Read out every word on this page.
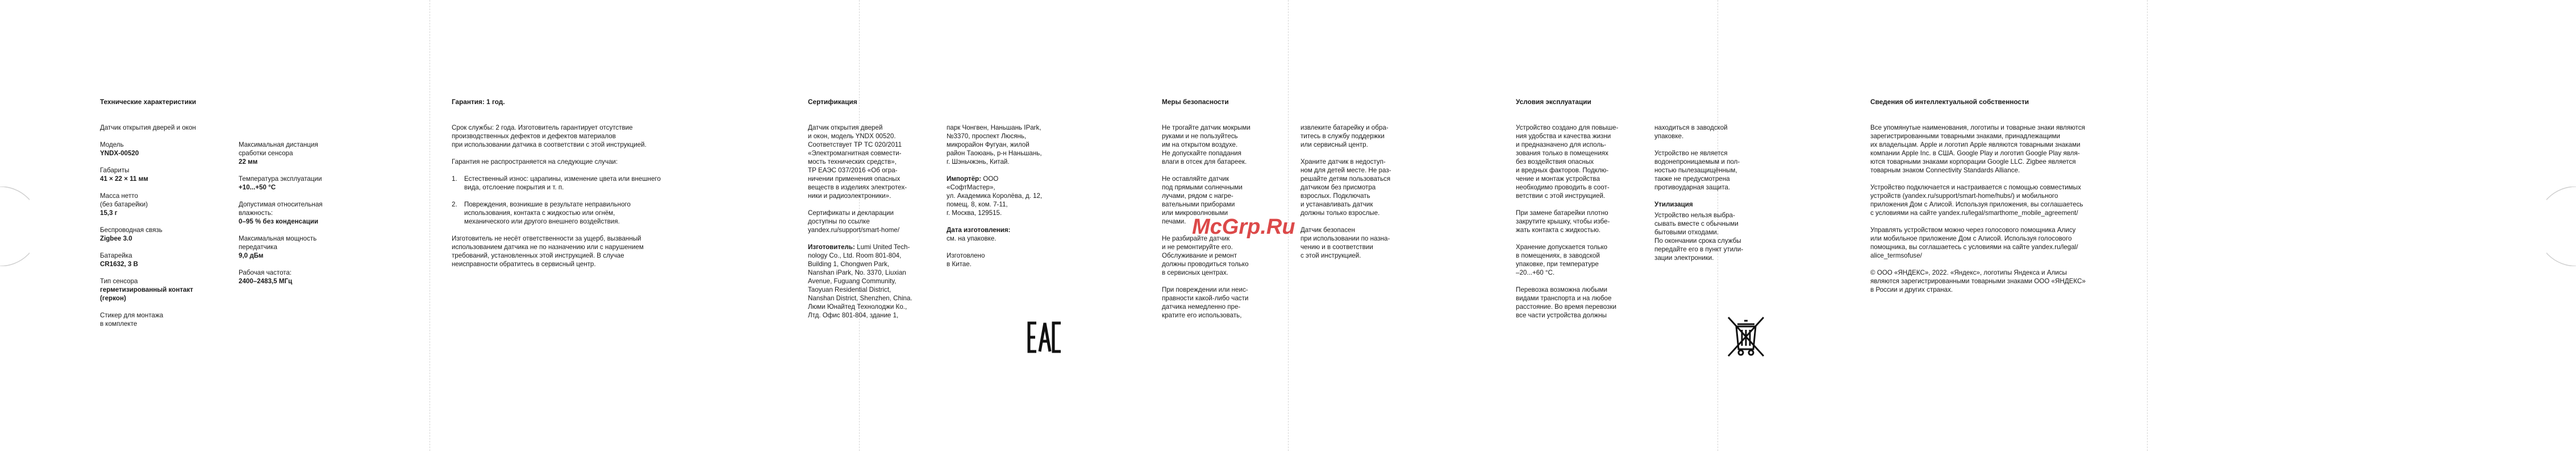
Технические характеристики

Датчик открытия дверей и окон

Модель
YNDX-00520
Габариты
41 × 22 × 11 мм
Масса нетто
(без батарейки)
15,3 г
Беспроводная связь
Zigbee 3.0
Батарейка
CR1632, 3 В
Тип сенсора
герметизированный контакт
(геркон)

Стикер для монтажа
в комплекте

Максимальная дистанция
сработки сенсора
22 мм
Температура эксплуатации
+10...+50 °С
Допустимая относительная
влажность:
0–95 % без конденсации
Максимальная мощность
передатчика
9,0 дБм
Рабочая частота:
2400–2483,5 МГц
Гарантия: 1 год.

Срок службы: 2 года. Изготовитель гарантирует отсутствие
производственных дефектов и дефектов материалов
при использовании датчика в соответствии с этой инструкцией.

Гарантия не распространяется на следующие случаи:

1.	Естественный износ: царапины, изменение цвета или внешнего
вида, отслоение покрытия и т. п.
2.	Повреждения, возникшие в результате неправильного
использования, контакта с жидкостью или огнём,
механического или другого внешнего воздействия.

Изготовитель не несёт ответственности за ущерб, вызванный
использованием датчика не по назначению или с нарушением
требований, установленных этой инструкцией. В случае
неисправности обратитесь в сервисный центр.

Сертификация

Датчик открытия дверей
и окон, модель YNDX 00520.
Соответствует ТР ТС 020/2011
«Электромагнитная совмести-
мость технических средств»,
ТР ЕАЭС 037/2016 «Об огра-
ничении применения опасных
веществ в изделиях электротех-
ники и радиоэлектроники».

Сертификаты и декларации
доступны по ссылке
yandex.ru/support/smart-home/

Изготовитель: Lumi United Tech-
nology Co., Ltd. Room 801-804,
Building 1, Chongwen Park,
Nanshan iPark, No. 3370, Liuxian
Avenue, Fuguang Community,
Taoyuan Residential District,
Nanshan District, Shenzhen, China.
Люми Юнайтед Технолоджи Ко.,
Лтд. Офис 801-804, здание 1,

парк Чонгвен, Наньшань IPark,
№3370, проспект Люсянь,
микрорайон Фугуан, жилой
район Таоюань, р-н Наньшань,
г. Шэньчжэнь, Китай.

Импортёр: ООО «СофтМастер»,
ул. Академика Королёва, д. 12,
помещ. 8, ком. 7-11,
г. Москва, 129515.

Дата изготовления:
см. на упаковке.

Изготовлено
в Китае.

Меры безопасности

Не трогайте датчик мокрыми
руками и не пользуйтесь
им на открытом воздухе.
Не допускайте попадания
влаги в отсек для батареек.

Не оставляйте датчик
под прямыми солнечными
лучами, рядом с нагре-
вательными приборами
или микроволновыми
печами.

Не разбирайте датчик
и не ремонтируйте его.
Обслуживание и ремонт
должны проводиться только
в сервисных центрах.

При повреждении или неис-
правности какой-либо части
датчика немедленно пре-
кратите его использовать,

извлеките батарейку и обра-
титесь в службу поддержки
или сервисный центр.

Храните датчик в недоступ-
ном для детей месте. Не раз-
решайте детям пользоваться
датчиком без присмотра
взрослых. Подключать
и устанавливать датчик
должны только взрослые.

Датчик безопасен
при использовании по назна-
чению и в соответствии
с этой инструкцией.

McGrp.Ru
Условия эксплуатации

Устройство создано для повыше-
ния удобства и качества жизни
и предназначено для исполь-
зования только в помещениях
без воздействия опасных
и вредных факторов. Подклю-
чение и монтаж устройства
необходимо проводить в соот-
ветствии с этой инструкцией.

При замене батарейки плотно
закрутите крышку, чтобы избе-
жать контакта с жидкостью.

Хранение допускается только
в помещениях, в заводской
упаковке, при температуре
–20...+60 °С.

Перевозка возможна любыми
видами транспорта и на любое
расстояние. Во время перевозки
все части устройства должны

находиться в заводской
упаковке.

Устройство не является
водонепроницаемым и пол-
ностью пылезащищённым,
также не предусмотрена
противоударная защита.

Утилизация

Устройство нельзя выбра-
сывать вместе с обычными
бытовыми отходами.
По окончании срока службы
передайте его в пункт утили-
зации электроники.

Сведения об интеллектуальной собственности

Все упомянутые наименования, логотипы и товарные знаки являются
зарегистрированными товарными знаками, принадлежащими
их владельцам. Apple и логотип Apple являются товарными знаками
компании Apple Inc. в США. Google Play и логотип Google Play явля-
ются товарными знаками корпорации Google LLC. Zigbee является
товарным знаком Connectivity Standards Alliance.

Устройство подключается и настраивается с помощью совместимых
устройств (yandex.ru/support/smart-home/hubs/) и мобильного
приложения Дом с Алисой. Используя приложения, вы соглашаетесь
с условиями на сайте yandex.ru/legal/smarthome_mobile_agreement/

Управлять устройством можно через голосового помощника Алису
или мобильное приложение Дом с Алисой. Используя голосового
помощника, вы соглашаетесь с условиями на сайте yandex.ru/legal/
alice_termsofuse/

© ООО «ЯНДЕКС», 2022. «Яндекс», логотипы Яндекса и Алисы
являются зарегистрированными товарными знаками ООО «ЯНДЕКС»
в России и других странах.
